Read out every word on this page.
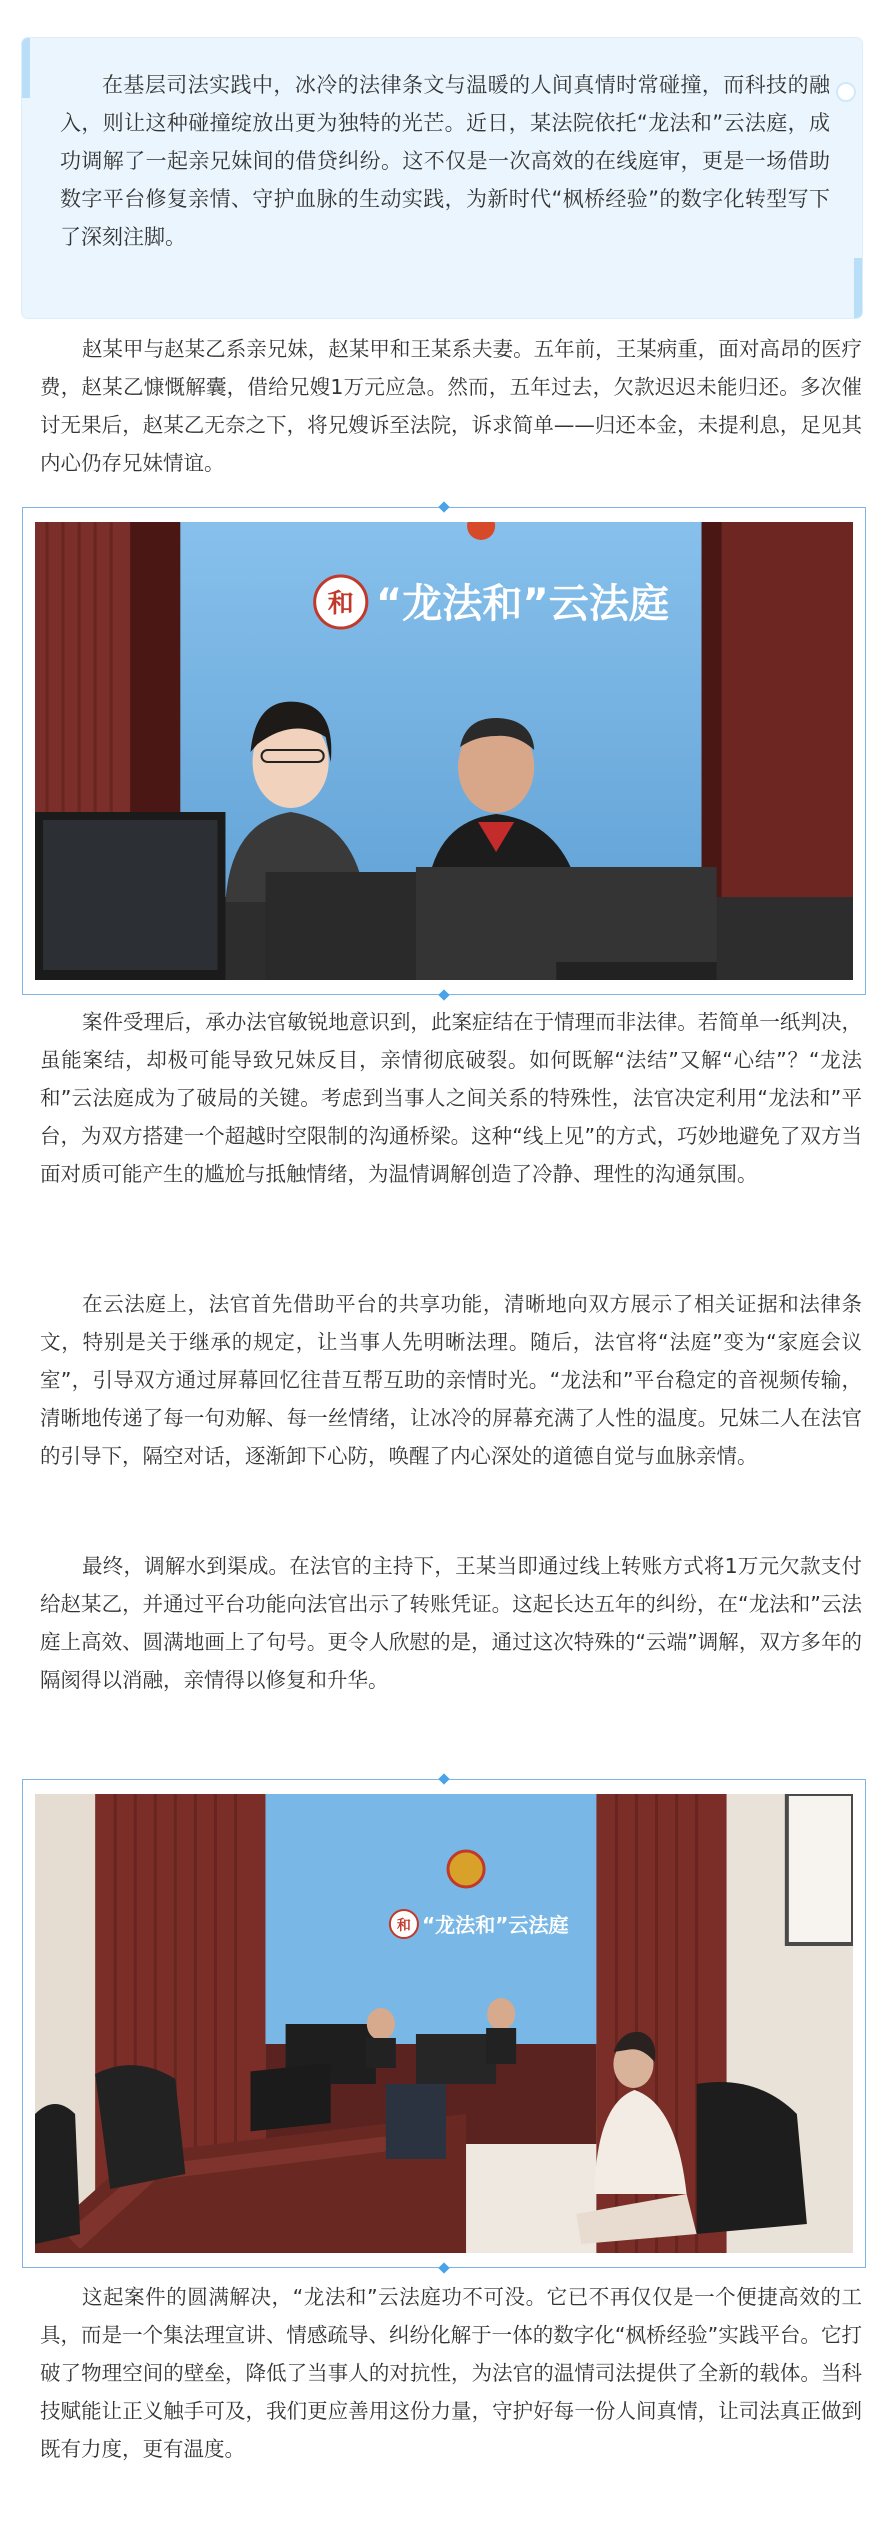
在基层司法实践中，冰冷的法律条文与温暖的人间真情时常碰撞，而科技的融入，则让这种碰撞绽放出更为独特的光芒。近日，某法院依托“龙法和”云法庭，成功调解了一起亲兄妹间的借贷纠纷。这不仅是一次高效的在线庭审，更是一场借助数字平台修复亲情、守护血脉的生动实践，为新时代“枫桥经验”的数字化转型写下了深刻注脚。

赵某甲与赵某乙系亲兄妹，赵某甲和王某系夫妻。五年前，王某病重，面对高昂的医疗费，赵某乙慷慨解囊，借给兄嫂1万元应急。然而，五年过去，欠款迟迟未能归还。多次催讨无果后，赵某乙无奈之下，将兄嫂诉至法院，诉求简单——归还本金，未提利息，足见其内心仍存兄妹情谊。

和 “龙法和”云法庭

案件受理后，承办法官敏锐地意识到，此案症结在于情理而非法律。若简单一纸判决，虽能案结，却极可能导致兄妹反目，亲情彻底破裂。如何既解“法结”又解“心结”？“龙法和”云法庭成为了破局的关键。考虑到当事人之间关系的特殊性，法官决定利用“龙法和”平台，为双方搭建一个超越时空限制的沟通桥梁。这种“线上见”的方式，巧妙地避免了双方当面对质可能产生的尴尬与抵触情绪，为温情调解创造了冷静、理性的沟通氛围。

在云法庭上，法官首先借助平台的共享功能，清晰地向双方展示了相关证据和法律条文，特别是关于继承的规定，让当事人先明晰法理。随后，法官将“法庭”变为“家庭会议室”，引导双方通过屏幕回忆往昔互帮互助的亲情时光。“龙法和”平台稳定的音视频传输，清晰地传递了每一句劝解、每一丝情绪，让冰冷的屏幕充满了人性的温度。兄妹二人在法官的引导下，隔空对话，逐渐卸下心防，唤醒了内心深处的道德自觉与血脉亲情。

最终，调解水到渠成。在法官的主持下，王某当即通过线上转账方式将1万元欠款支付给赵某乙，并通过平台功能向法官出示了转账凭证。这起长达五年的纠纷，在“龙法和”云法庭上高效、圆满地画上了句号。更令人欣慰的是，通过这次特殊的“云端”调解，双方多年的隔阂得以消融，亲情得以修复和升华。

和 “龙法和”云法庭

这起案件的圆满解决，“龙法和”云法庭功不可没。它已不再仅仅是一个便捷高效的工具，而是一个集法理宣讲、情感疏导、纠纷化解于一体的数字化“枫桥经验”实践平台。它打破了物理空间的壁垒，降低了当事人的对抗性，为法官的温情司法提供了全新的载体。当科技赋能让正义触手可及，我们更应善用这份力量，守护好每一份人间真情，让司法真正做到既有力度，更有温度。
